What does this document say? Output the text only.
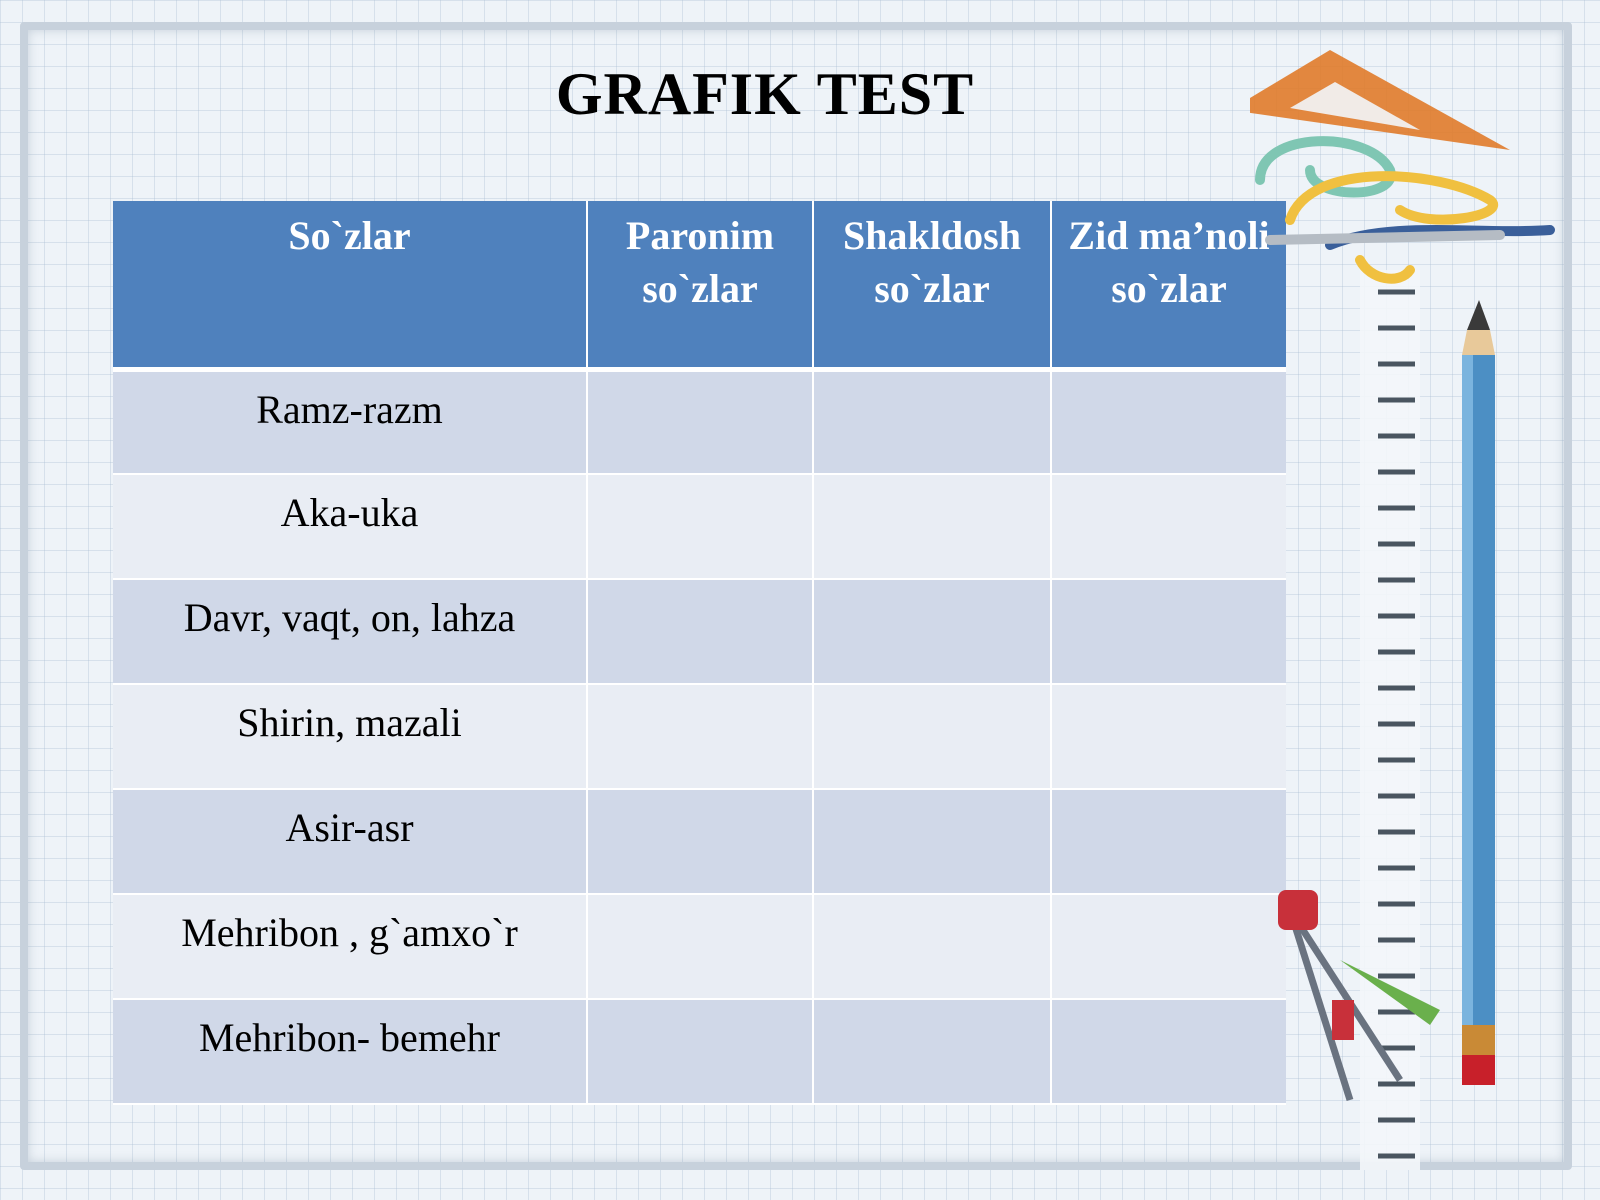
GRAFIK TEST
So`zlar	Paronim so`zlar	Shakldosh so`zlar	Zid ma’noli so`zlar
Ramz-razm			
Aka-uka			
Davr, vaqt, on, lahza			
Shirin, mazali			
Asir-asr			
Mehribon , g`amxo`r			
Mehribon- bemehr			
